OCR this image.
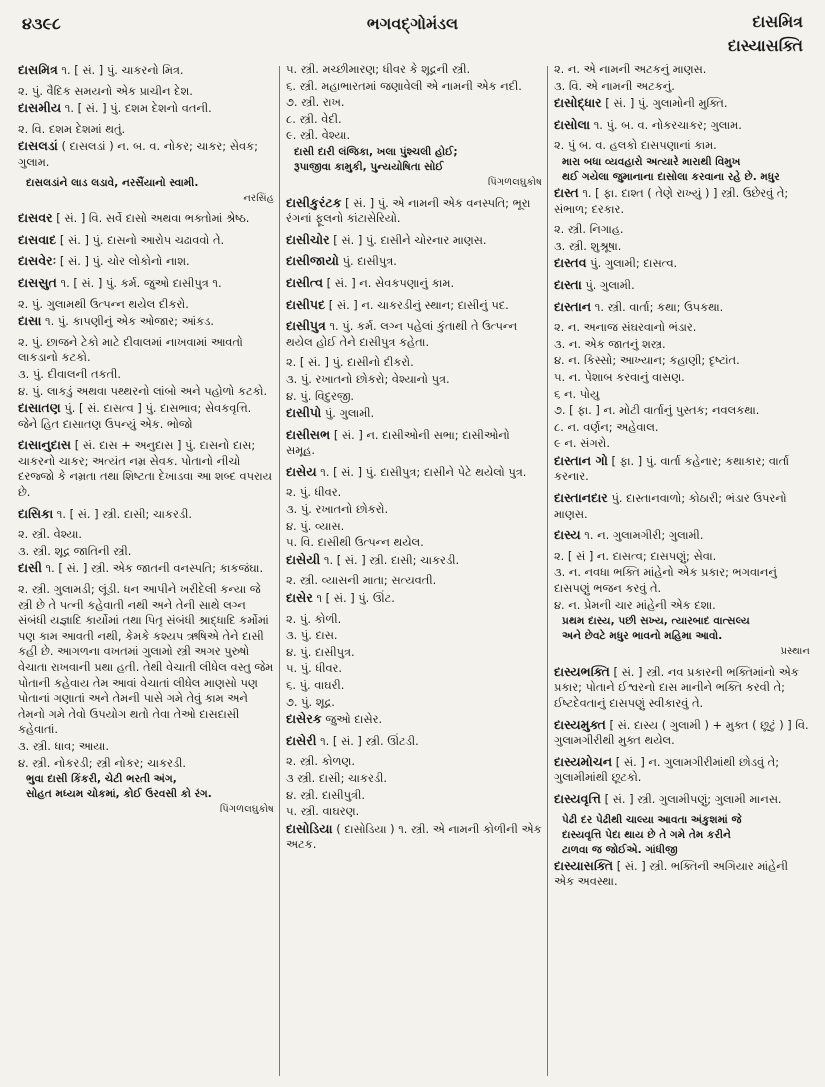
૪૩૯૮	ભગવદ્ગોમંડલ	દાસમિત્ર
દાસ્યાસક્તિ
દાસમિત્ર ૧. [ સં. ] પું. ચાકરનો મિત્ર.
૨. પું. વૈદિક સમયનો એક પ્રાચીન દેશ.
દાસમીય ૧. [ સં. ] પું. દશમ દેશનો વતની.
૨. વિ. દશમ દેશમાં થતું.
દાસલડાં ( દાસલડાં ) ન. બ. વ. નોકર; ચાકર; સેવક; ગુલામ.
દાસલડાંને લાડ લડાવે, નરસૈંયાનો સ્વામી.
નરસિંહ
દાસવર [ સં. ] વિ. સર્વે દાસો અથવા ભક્તોમાં શ્રેષ્ઠ.
દાસવાદ [ સં. ] પું. દાસનો આરોપ ચઢાવવો તે.
દાસવેરઃ [ સં. ] પું. ચોર લોકોનો નાશ.
દાસસુત ૧. [ સં. ] પું. કર્મ. જુઓ દાસીપુત્ર ૧.
૨. પું. ગુલામથી ઉત્પન્ન થયેલ દીકરો.
દાસા ૧. પું. કાપણીનું એક ઓજાર; આંકડ.
૨. પું. છાજને ટેકો માટે દીવાલમાં નાખવામાં આવતો લાકડાનો કટકો.
૩. પું. દીવાલની તકતી.
૪. પું. લાકડું અથવા પથ્થરનો લાંબો અને પહોળો કટકો.
દાસાતણ પું. [ સં. દાસત્વ ] પું. દાસભાવ; સેવકવૃત્તિ. જેને હિત દાસાતણ ઉપન્યું એક. ભોજો
દાસાનુદાસ [ સં. દાસ + અનુદાસ ] પું. દાસનો દાસ; ચાકરનો ચાકર; અત્યંત નમ્ર સેવક. પોતાનો નીચો દરજ્જો કે નમ્રતા તથા શિષ્ટતા દેખાડવા આ શબ્દ વપરાય છે.
દાસિકા ૧. [ સં. ] સ્ત્રી. દાસી; ચાકરડી.
૨. સ્ત્રી. વેશ્યા.
૩. સ્ત્રી. શૂદ્ર જાતિની સ્ત્રી.
દાસી ૧. [ સં. ] સ્ત્રી. એક જાતની વનસ્પતિ; કાકજંઘા.
૨. સ્ત્રી. ગુલામડી; લૂંડી. ધન આપીને ખરીદેલી કન્યા જે સ્ત્રી છે તે પત્ની કહેવાતી નથી અને તેની સાથે લગ્ન સંબંધી યજ્ઞાદિ કાર્યોમાં તથા પિતૃ સંબંધી શ્રાદ્ધાદિ કર્મોમાં પણ કામ આવતી નથી, કેમકે કશ્યપ ઋષિએ તેને દાસી કહી છે. આગળના વખતમાં ગુલામો સ્ત્રી અગર પુરુષો વેચાતા રાખવાની પ્રથા હતી. તેથી વેચાતી લીધેલ વસ્તુ જેમ પોતાની કહેવાય તેમ આવાં વેચાતાં લીધેલ માણસો પણ પોતાનાં ગણાતાં અને તેમની પાસે ગમે તેવું કામ અને તેમનો ગમે તેવો ઉપયોગ થતો તેવા તેઓ દાસદાસી કહેવાતાં.
૩. સ્ત્રી. ધાવ; આયા.
૪. સ્ત્રી. નોકરડી; સ્ત્રી નોકર; ચાકરડી.
ભુવા દાસી કિંકરી, ચેટી ભરતી અંગ,
સોહત મધ્યમ ચોકમાં, કોઈ ઉરવસી કો રંગ.
પિંગળલઘુકોષ
૫. સ્ત્રી. મચ્છીમારણ; ધીવર કે શૂદ્રની સ્ત્રી.
૬. સ્ત્રી. મહાભારતમાં જણાવેલી એ નામની એક નદી.
૭. સ્ત્રી. રાખ.
૮. સ્ત્રી. વેદી.
૯. સ્ત્રી. વેશ્યા.
દાસી દારી લંજિકા, ખલા પુંશ્ચલી હોઈ;
રૂપાજીવા કામુકી, પુન્યયોષિતા સોઈ
પિંગળલઘુકોષ
દાસીકુરંટક [ સં. ] પું. એ નામની એક વનસ્પતિ; ભૂરા રંગનાં ફૂલનો કાંટાસેરિયો.
દાસીચોર [ સં. ] પું. દાસીને ચોરનાર માણસ.
દાસીજાયો પું. દાસીપુત્ર.
દાસીત્વ [ સં. ] ન. સેવકપણાનું કામ.
દાસીપદ [ સં. ] ન. ચાકરડીનું સ્થાન; દાસીનું પદ.
દાસીપુત્ર ૧. પું. કર્મ. લગ્ન પહેલાં કુંતાથી તે ઉત્પન્ન થયેલ હોઈ તેને દાસીપુત્ર કહેતા.
૨. [ સં. ] પું. દાસીનો દીકરો.
૩. પું. રખાતનો છોકરો; વેશ્યાનો પુત્ર.
૪. પું. વિદુરજી.
દાસીપો પું. ગુલામી.
દાસીસભ [ સં. ] ન. દાસીઓની સભા; દાસીઓનો સમૂહ.
દાસેય ૧. [ સં. ] પું. દાસીપુત્ર; દાસીને પેટે થયેલો પુત્ર.
૨. પું. ધીવર.
૩. પું. રખાતનો છોકરો.
૪. પું. વ્યાસ.
૫. વિ. દાસીથી ઉત્પન્ન થયેલ.
દાસેયી ૧. [ સં. ] સ્ત્રી. દાસી; ચાકરડી.
૨. સ્ત્રી. વ્યાસની માતા; સત્યવતી.
દાસેર ૧ [ સં. ] પું. ઊંટ.
૨. પું. કોળી.
૩. પું. દાસ.
૪. પું. દાસીપુત્ર.
૫. પું. ધીવર.
૬. પું. વાઘરી.
૭. પું. શૂદ્ર.
દાસેરક જુઓ દાસેર.
દાસેરી ૧. [ સં. ] સ્ત્રી. ઊંટડી.
૨. સ્ત્રી. કોળણ.
૩ સ્ત્રી. દાસી; ચાકરડી.
૪. સ્ત્રી. દાસીપુત્રી.
૫. સ્ત્રી. વાઘરણ.
દાસોડિયા ( દાસોડિયા ) ૧. સ્ત્રી. એ નામની કોળીની એક અટક.
૨. ન. એ નામની અટકનું માણસ.
૩. વિ. એ નામની અટકનું.
દાસોદ્ધાર [ સં. ] પું. ગુલામોની મુક્તિ.
દાસોલા ૧. પું. બ. વ. નોકરચાકર; ગુલામ.
૨. પું બ. વ. હલકો દાસપણાનાં કામ.
મારા બધા વ્યવહારો અત્યારે મારાથી વિમુખ
થઈ ગયેલા જુમાનાના દાસોલા કરવાના રહે છે. મધુર
દાસ્ત ૧. [ ફા. દાશ્ત ( તેણે રાખ્યું ) ] સ્ત્રી. ઉછેરવું તે; સંભાળ; દરકાર.
૨. સ્ત્રી. નિગાહ.
૩. સ્ત્રી. શુશ્રૂષા.
દાસ્તવ પું. ગુલામી; દાસત્વ.
દાસ્તા પું. ગુલામી.
દાસ્તાન ૧. સ્ત્રી. વાર્તા; કથા; ઉપકથા.
૨. ન. અનાજ સંઘરવાનો ભંડાર.
૩. ન. એક જાતનું શસ્ત્ર.
૪. ન. કિસ્સો; આખ્યાન; કહાણી; દૃષ્ટાંત.
૫. ન. પેશાબ કરવાનું વાસણ.
૬ ન. પોયુ
૭. [ ફા. ] ન. મોટી વાર્તાનું પુસ્તક; નવલકથા.
૮. ન. વર્ણન; અહેવાલ.
૯ ન. સંગરો.
દાસ્તાન ગો [ ફા. ] પું. વાર્તા કહેનાર; કથાકાર; વાર્તા કરનાર.
દાસ્તાનદાર પું. દાસ્તાનવાળો; કોઠારી; ભંડાર ઉપરનો માણસ.
દાસ્ય ૧. ન. ગુલામગીરી; ગુલામી.
૨. [ સં ] ન. દાસત્વ; દાસપણું; સેવા.
૩. ન. નવધા ભક્તિ માંહેનો એક પ્રકાર; ભગવાનનું દાસપણું ભજન કરવું તે.
૪. ન. પ્રેમની ચાર માંહેની એક દશા.
પ્રથમ દાસ્ય, પછી સખ્ય, ત્યારબાદ વાત્સલ્ય
અને છેવટે મધુર ભાવનો મહિમા આવો.
પ્રસ્થાન
દાસ્યભક્તિ [ સં. ] સ્ત્રી. નવ પ્રકારની ભક્તિમાંનો એક પ્રકાર; પોતાને ઈશ્વરનો દાસ માનીને ભક્તિ કરવી તે; ઈષ્ટદેવતાનું દાસપણું સ્વીકારવું તે.
દાસ્યમુક્ત [ સં. દાસ્ય ( ગુલામી ) + મુક્ત ( છૂટું ) ] વિ. ગુલામગીરીથી મુક્ત થયેલ.
દાસ્યમોચન [ સં. ] ન. ગુલામગીરીમાંથી છોડવું તે; ગુલામીમાંથી છૂટકો.
દાસ્યવૃત્તિ [ સં. ] સ્ત્રી. ગુલામીપણું; ગુલામી માનસ.
પેઢી દર પેઢીથી ચાલ્યા આવતા અંકુશમાં જે
દાસ્યવૃત્તિ પેદા થાય છે તે ગમે તેમ કરીને
ટાળવા જ જોઈએ. ગાંધીજી
દાસ્યાસક્તિ [ સં. ] સ્ત્રી. ભક્તિની અગિયાર માંહેની એક અવસ્થા.
